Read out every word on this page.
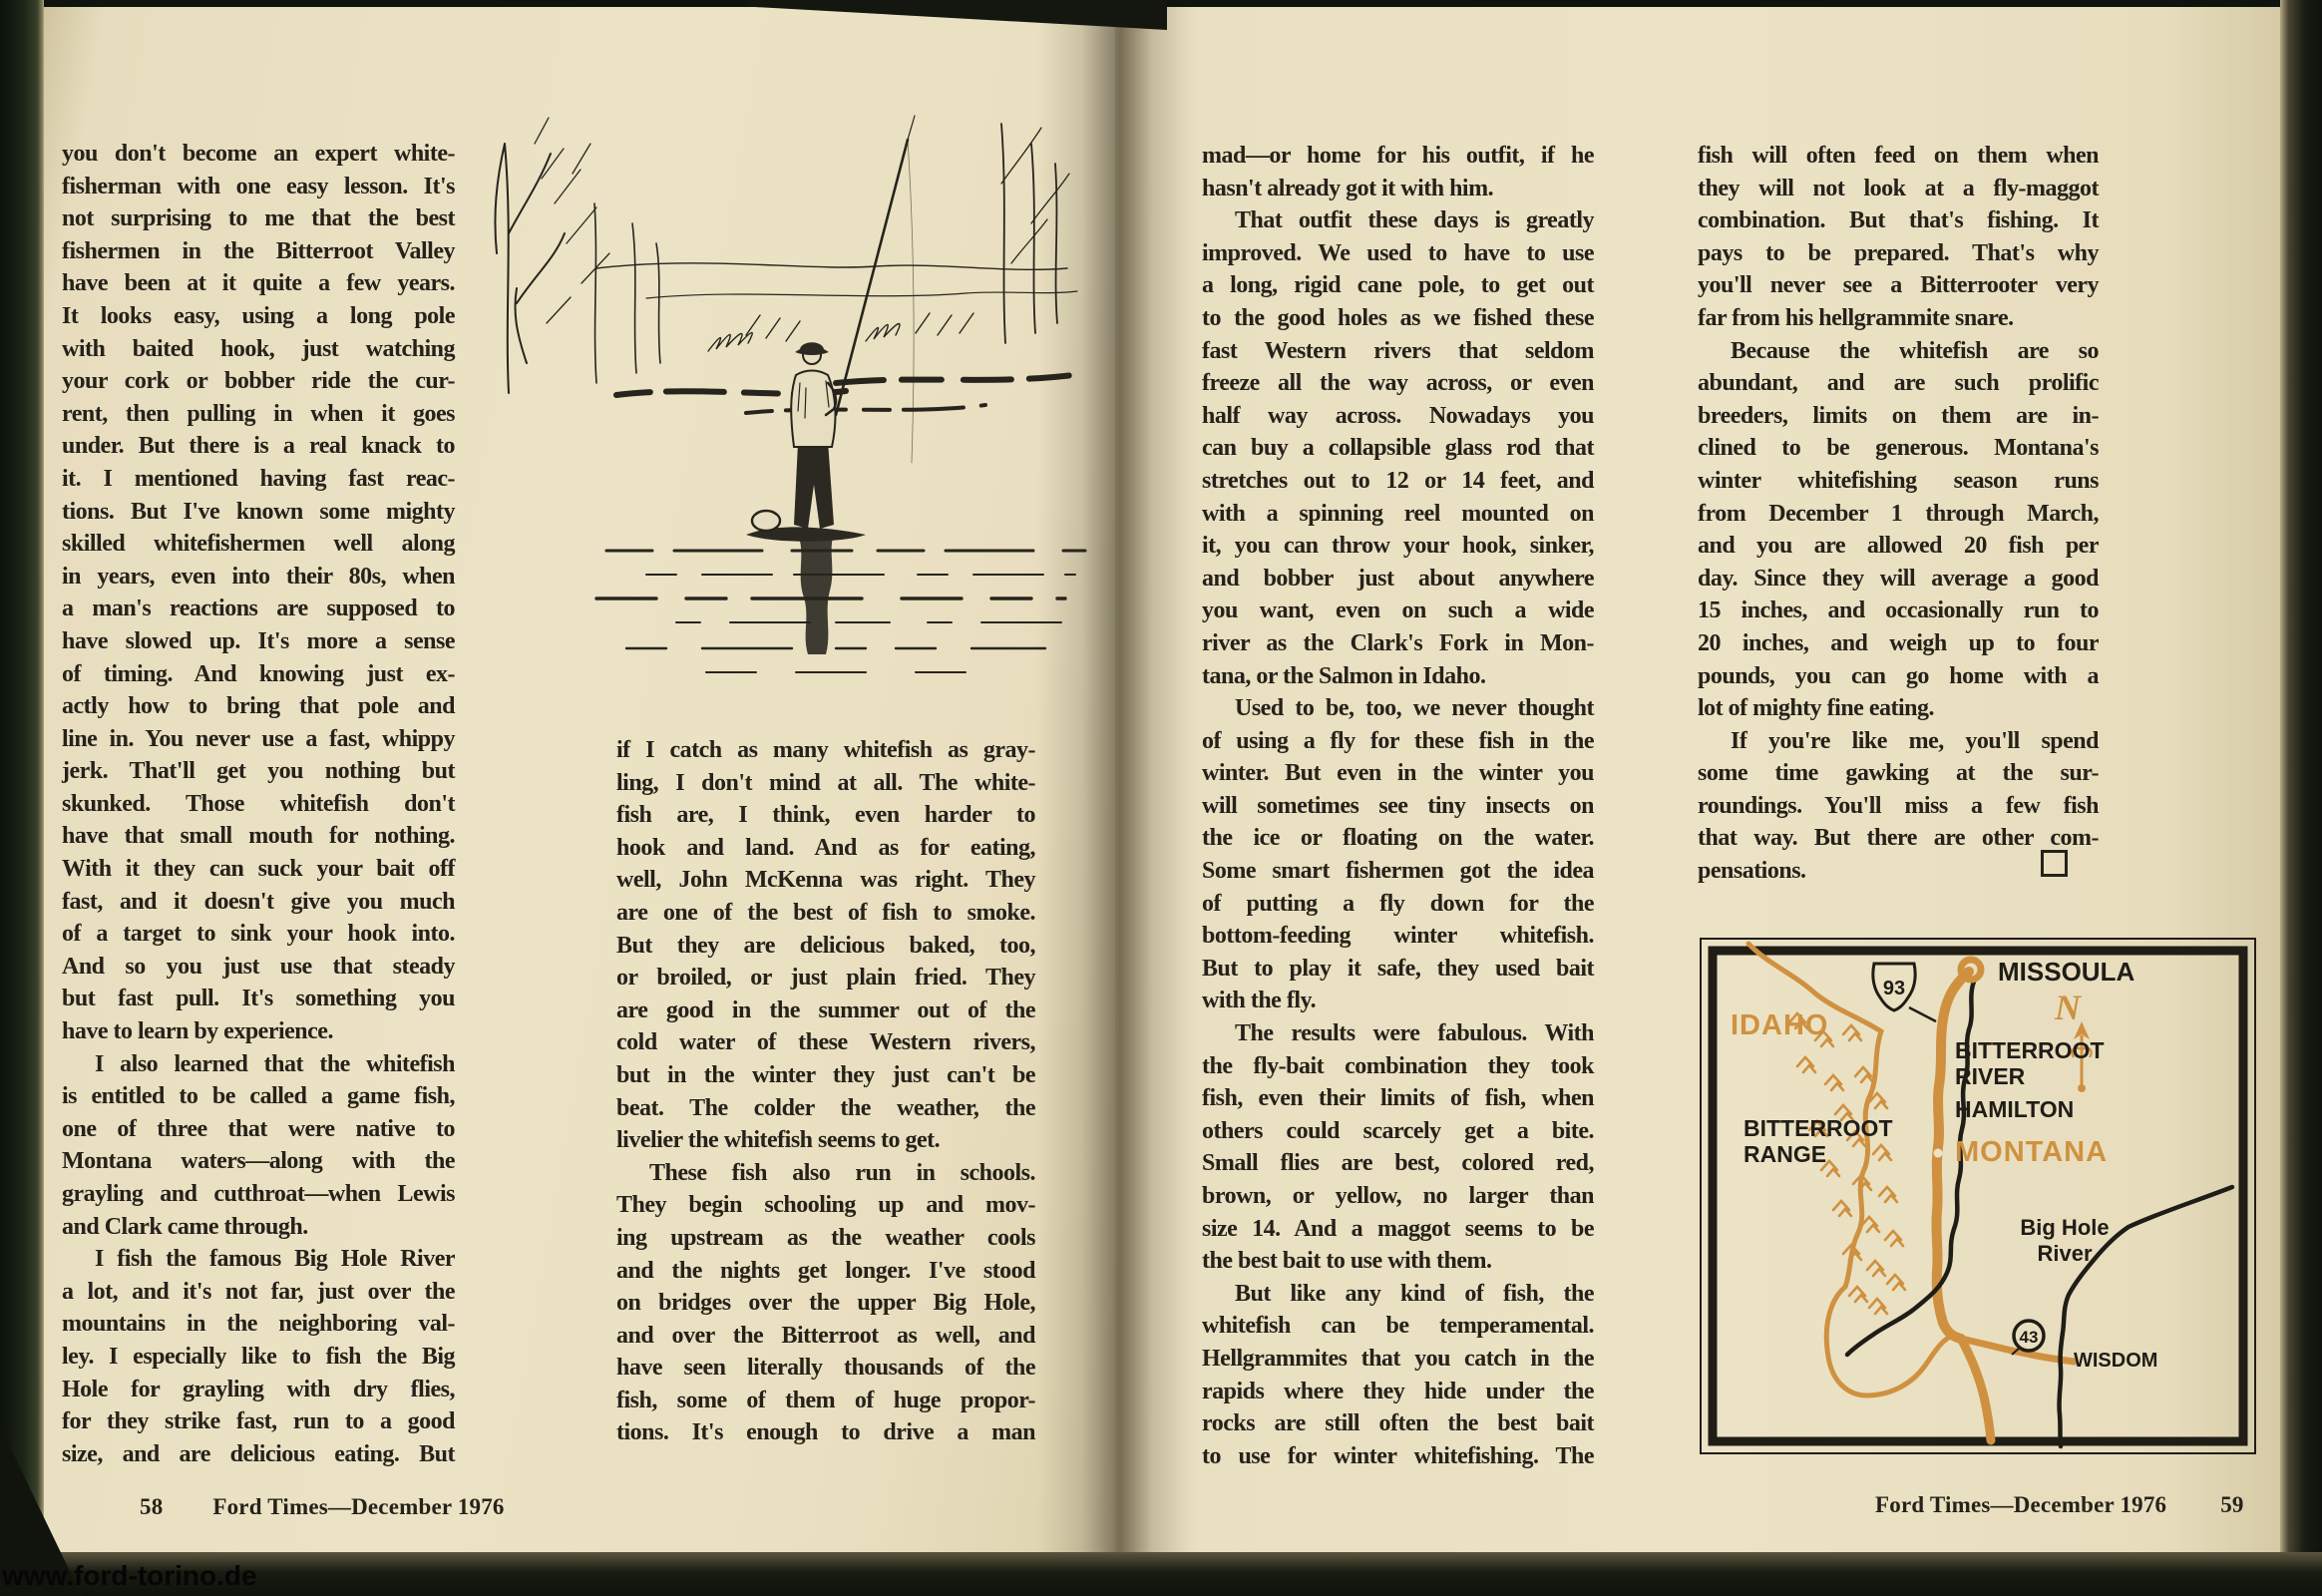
you don't become an expert white-
fisherman with one easy lesson. It's
not surprising to me that the best
fishermen in the Bitterroot Valley
have been at it quite a few years.
It looks easy, using a long pole
with baited hook, just watching
your cork or bobber ride the cur-
rent, then pulling in when it goes
under. But there is a real knack to
it. I mentioned having fast reac-
tions. But I've known some mighty
skilled whitefishermen well along
in years, even into their 80s, when
a man's reactions are supposed to
have slowed up. It's more a sense
of timing. And knowing just ex-
actly how to bring that pole and
line in. You never use a fast, whippy
jerk. That'll get you nothing but
skunked. Those whitefish don't
have that small mouth for nothing.
With it they can suck your bait off
fast, and it doesn't give you much
of a target to sink your hook into.
And so you just use that steady
but fast pull. It's something you
have to learn by experience.
I also learned that the whitefish
is entitled to be called a game fish,
one of three that were native to
Montana waters—along with the
grayling and cutthroat—when Lewis
and Clark came through.
I fish the famous Big Hole River
a lot, and it's not far, just over the
mountains in the neighboring val-
ley. I especially like to fish the Big
Hole for grayling with dry flies,
for they strike fast, run to a good
size, and are delicious eating. But
if I catch as many whitefish as gray-
ling, I don't mind at all. The white-
fish are, I think, even harder to
hook and land. And as for eating,
well, John McKenna was right. They
are one of the best of fish to smoke.
But they are delicious baked, too,
or broiled, or just plain fried. They
are good in the summer out of the
cold water of these Western rivers,
but in the winter they just can't be
beat. The colder the weather, the
livelier the whitefish seems to get.
These fish also run in schools.
They begin schooling up and mov-
ing upstream as the weather cools
and the nights get longer. I've stood
on bridges over the upper Big Hole,
and over the Bitterroot as well, and
have seen literally thousands of the
fish, some of them of huge propor-
tions. It's enough to drive a man
58 Ford Times—December 1976
mad—or home for his outfit, if he
hasn't already got it with him.
That outfit these days is greatly
improved. We used to have to use
a long, rigid cane pole, to get out
to the good holes as we fished these
fast Western rivers that seldom
freeze all the way across, or even
half way across. Nowadays you
can buy a collapsible glass rod that
stretches out to 12 or 14 feet, and
with a spinning reel mounted on
it, you can throw your hook, sinker,
and bobber just about anywhere
you want, even on such a wide
river as the Clark's Fork in Mon-
tana, or the Salmon in Idaho.
Used to be, too, we never thought
of using a fly for these fish in the
winter. But even in the winter you
will sometimes see tiny insects on
the ice or floating on the water.
Some smart fishermen got the idea
of putting a fly down for the
bottom-feeding winter whitefish.
But to play it safe, they used bait
with the fly.
The results were fabulous. With
the fly-bait combination they took
fish, even their limits of fish, when
others could scarcely get a bite.
Small flies are best, colored red,
brown, or yellow, no larger than
size 14. And a maggot seems to be
the best bait to use with them.
But like any kind of fish, the
whitefish can be temperamental.
Hellgrammites that you catch in the
rapids where they hide under the
rocks are still often the best bait
to use for winter whitefishing. The
fish will often feed on them when
they will not look at a fly-maggot
combination. But that's fishing. It
pays to be prepared. That's why
you'll never see a Bitterrooter very
far from his hellgrammite snare.
Because the whitefish are so
abundant, and are such prolific
breeders, limits on them are in-
clined to be generous. Montana's
winter whitefishing season runs
from December 1 through March,
and you are allowed 20 fish per
day. Since they will average a good
15 inches, and occasionally run to
20 inches, and weigh up to four
pounds, you can go home with a
lot of mighty fine eating.
If you're like me, you'll spend
some time gawking at the sur-
roundings. You'll miss a few fish
that way. But there are other com-
pensations.
93
43
N
MISSOULA
IDAHO
MONTANA
BITTERROOT
RIVER
HAMILTON
BITTERROOT
RANGE
Big Hole
River
WISDOM
Ford Times—December 1976 59
www.ford-torino.de
